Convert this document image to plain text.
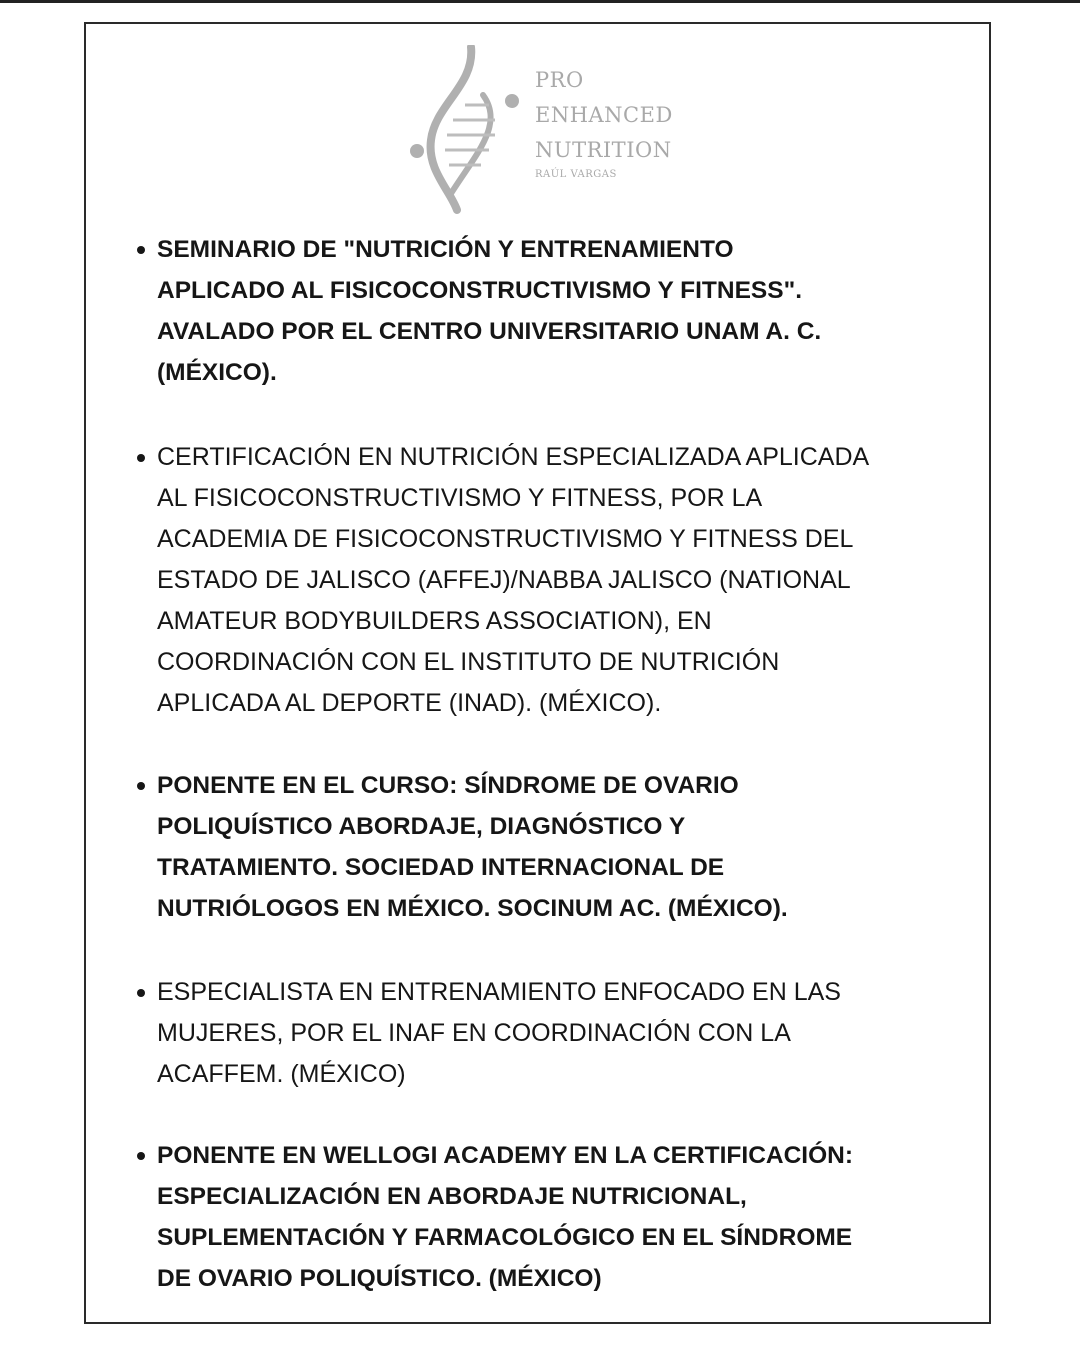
PRO
ENHANCED
NUTRITION
RAÚL VARGAS
SEMINARIO DE "NUTRICIÓN Y ENTRENAMIENTO
APLICADO AL FISICOCONSTRUCTIVISMO Y FITNESS".
AVALADO POR EL CENTRO UNIVERSITARIO UNAM A. C.
(MÉXICO).
CERTIFICACIÓN EN NUTRICIÓN ESPECIALIZADA APLICADA
AL FISICOCONSTRUCTIVISMO Y FITNESS, POR LA
ACADEMIA DE FISICOCONSTRUCTIVISMO Y FITNESS DEL
ESTADO DE JALISCO (AFFEJ)/NABBA JALISCO (NATIONAL
AMATEUR BODYBUILDERS ASSOCIATION), EN
COORDINACIÓN CON EL INSTITUTO DE NUTRICIÓN
APLICADA AL DEPORTE (INAD). (MÉXICO).
PONENTE EN EL CURSO: SÍNDROME DE OVARIO
POLIQUÍSTICO ABORDAJE, DIAGNÓSTICO Y
TRATAMIENTO. SOCIEDAD INTERNACIONAL DE
NUTRIÓLOGOS EN MÉXICO. SOCINUM AC. (MÉXICO).
ESPECIALISTA EN ENTRENAMIENTO ENFOCADO EN LAS
MUJERES, POR EL INAF EN COORDINACIÓN CON LA
ACAFFEM. (MÉXICO)
PONENTE EN WELLOGI ACADEMY EN LA CERTIFICACIÓN:
ESPECIALIZACIÓN EN ABORDAJE NUTRICIONAL,
SUPLEMENTACIÓN Y FARMACOLÓGICO EN EL SÍNDROME
DE OVARIO POLIQUÍSTICO. (MÉXICO)
